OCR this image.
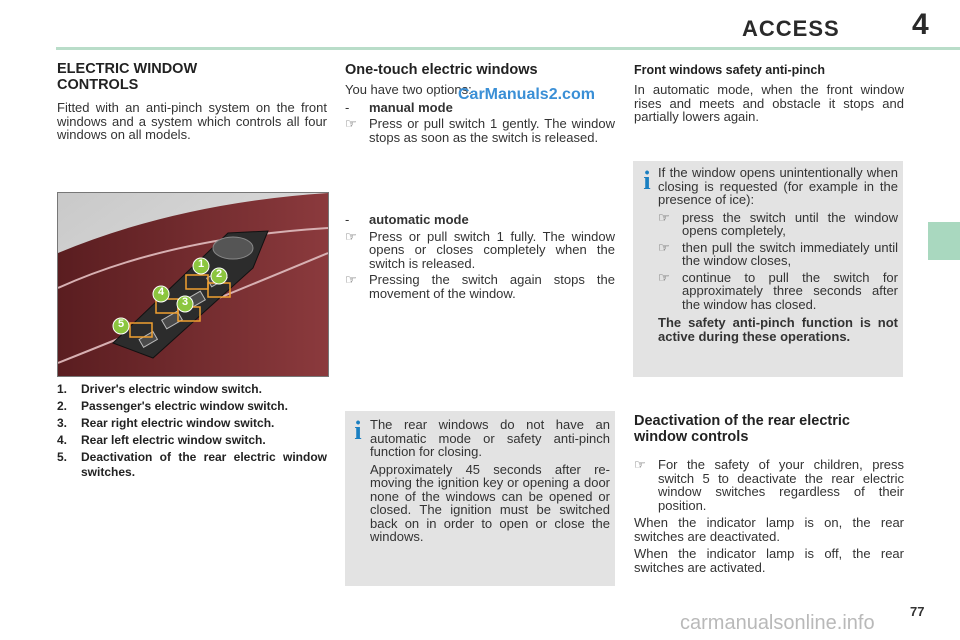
ACCESS 4
ELECTRIC WINDOW CONTROLS
Fitted with an anti-pinch system on the front windows and a system which controls all four windows on all models.
1
2
3
4
5
1.	Driver's electric window switch.
2.	Passenger's electric window switch.
3.	Rear right electric window switch.
4.	Rear left electric window switch.
5.	Deactivation of the rear electric window switches.
One-touch electric windows

You have two options:

-	manual mode
☞ Press or pull switch 1 gently. The window stops as soon as the switch is released.
CarManuals2.com
-	automatic mode
☞ Press or pull switch 1 fully. The window opens or closes completely when the switch is released.
☞ Pressing the switch again stops the movement of the window.
i The rear windows do not have an automatic mode or safety anti-pinch function for closing.

Approximately 45 seconds after re-moving the ignition key or opening a door none of the windows can be opened or closed. The ignition must be switched back on in order to open or close the windows.

Front windows safety anti-pinch
In automatic mode, when the front window rises and meets and obstacle it stops and partially lowers again.
i If the window opens unintentionally when closing is requested (for example in the presence of ice):

☞ press the switch until the window opens completely,
☞ then pull the switch immediately until the window closes,
☞ continue to pull the switch for approximately three seconds after the window has closed.

The safety anti-pinch function is not active during these operations.

Deactivation of the rear electric window controls
☞ For the safety of your children, press switch 5 to deactivate the rear electric window switches regardless of their position.

When the indicator lamp is on, the rear switches are deactivated.

When the indicator lamp is off, the rear switches are activated.

77
carmanualsonline.info
